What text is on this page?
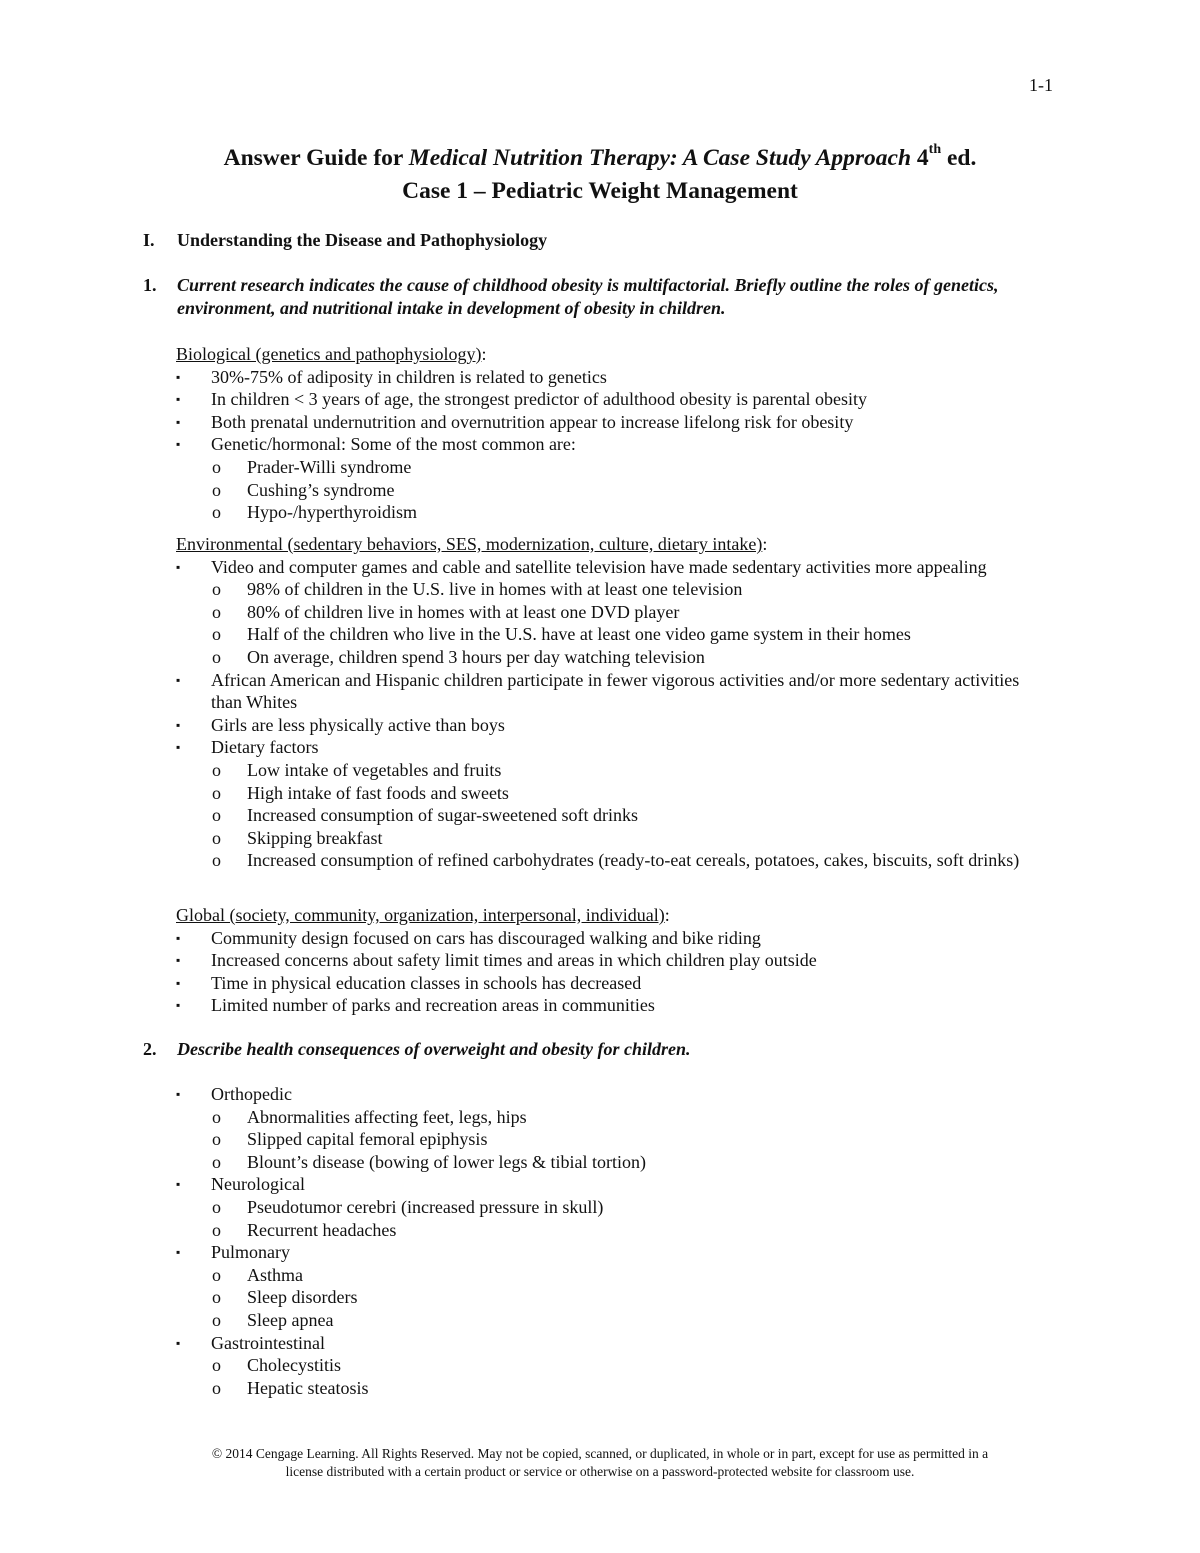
1-1
Answer Guide for Medical Nutrition Therapy: A Case Study Approach 4th ed.
Case 1 – Pediatric Weight Management
I. Understanding the Disease and Pathophysiology
1. Current research indicates the cause of childhood obesity is multifactorial. Briefly outline the roles of genetics, environment, and nutritional intake in development of obesity in children.
Biological (genetics and pathophysiology):
▪ 30%-75% of adiposity in children is related to genetics
▪ In children < 3 years of age, the strongest predictor of adulthood obesity is parental obesity
▪ Both prenatal undernutrition and overnutrition appear to increase lifelong risk for obesity
▪ Genetic/hormonal: Some of the most common are:
o Prader-Willi syndrome
o Cushing’s syndrome
o Hypo-/hyperthyroidism
Environmental (sedentary behaviors, SES, modernization, culture, dietary intake):
▪ Video and computer games and cable and satellite television have made sedentary activities more appealing
o 98% of children in the U.S. live in homes with at least one television
o 80% of children live in homes with at least one DVD player
o Half of the children who live in the U.S. have at least one video game system in their homes
o On average, children spend 3 hours per day watching television
▪ African American and Hispanic children participate in fewer vigorous activities and/or more sedentary activities than Whites
▪ Girls are less physically active than boys
▪ Dietary factors
o Low intake of vegetables and fruits
o High intake of fast foods and sweets
o Increased consumption of sugar-sweetened soft drinks
o Skipping breakfast
o Increased consumption of refined carbohydrates (ready-to-eat cereals, potatoes, cakes, biscuits, soft drinks)
Global (society, community, organization, interpersonal, individual):
▪ Community design focused on cars has discouraged walking and bike riding
▪ Increased concerns about safety limit times and areas in which children play outside
▪ Time in physical education classes in schools has decreased
▪ Limited number of parks and recreation areas in communities
2. Describe health consequences of overweight and obesity for children.
▪ Orthopedic
o Abnormalities affecting feet, legs, hips
o Slipped capital femoral epiphysis
o Blount’s disease (bowing of lower legs & tibial tortion)
▪ Neurological
o Pseudotumor cerebri (increased pressure in skull)
o Recurrent headaches
▪ Pulmonary
o Asthma
o Sleep disorders
o Sleep apnea
▪ Gastrointestinal
o Cholecystitis
o Hepatic steatosis
© 2014 Cengage Learning. All Rights Reserved. May not be copied, scanned, or duplicated, in whole or in part, except for use as permitted in a
license distributed with a certain product or service or otherwise on a password-protected website for classroom use.
